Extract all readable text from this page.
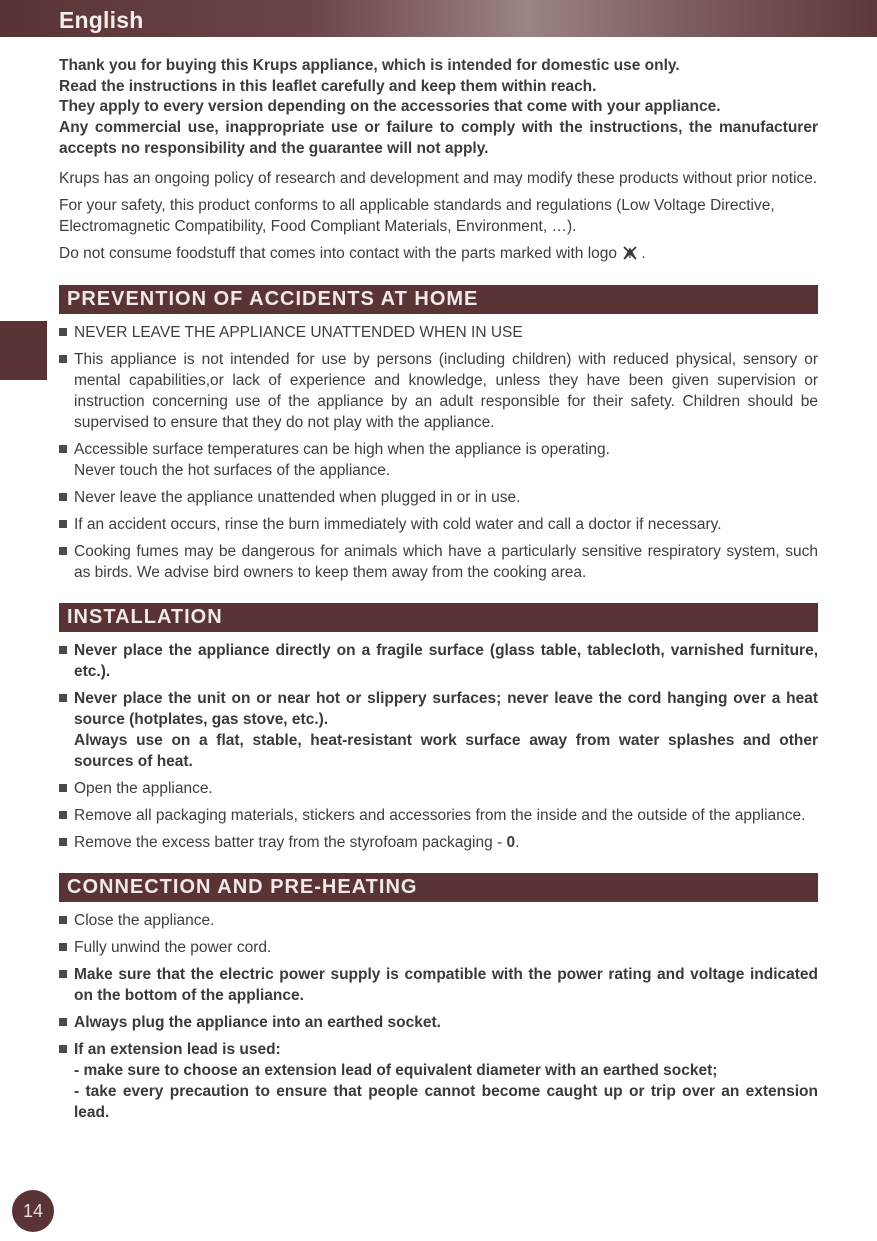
English

Thank you for buying this Krups appliance, which is intended for domestic use only.

Read the instructions in this leaflet carefully and keep them within reach.

They apply to every version depending on the accessories that come with your appliance.

Any commercial use, inappropriate use or failure to comply with the instructions, the manufacturer accepts no responsibility and the guarantee will not apply.

Krups has an ongoing policy of research and development and may modify these products without prior notice.

For your safety, this product conforms to all applicable standards and regulations (Low Voltage Directive, Electromagnetic Compatibility, Food Compliant Materials, Environment, …).

Do not consume foodstuff that comes into contact with the parts marked with logo .

PREVENTION OF ACCIDENTS AT HOME
NEVER LEAVE THE APPLIANCE UNATTENDED WHEN IN USE
This appliance is not intended for use by persons (including children) with reduced physical, sensory or mental capabilities,or lack of experience and knowledge, unless they have been given supervision or instruction concerning use of the appliance by an adult responsible for their safety. Children should be supervised to ensure that they do not play with the appliance.
Accessible surface temperatures can be high when the appliance is operating.
Never touch the hot surfaces of the appliance.
Never leave the appliance unattended when plugged in or in use.
If an accident occurs, rinse the burn immediately with cold water and call a doctor if necessary.
Cooking fumes may be dangerous for animals which have a particularly sensitive respiratory system, such as birds. We advise bird owners to keep them away from the cooking area.
INSTALLATION
Never place the appliance directly on a fragile surface (glass table, tablecloth, varnished furniture, etc.).
Never place the unit on or near hot or slippery surfaces; never leave the cord hanging over a heat source (hotplates, gas stove, etc.).
Always use on a flat, stable, heat-resistant work surface away from water splashes and other sources of heat.
Open the appliance.
Remove all packaging materials, stickers and accessories from the inside and the outside of the appliance.
Remove the excess batter tray from the styrofoam packaging - 0.
CONNECTION AND PRE-HEATING
Close the appliance.
Fully unwind the power cord.
Make sure that the electric power supply is compatible with the power rating and voltage indicated on the bottom of the appliance.
Always plug the appliance into an earthed socket.
If an extension lead is used:
- make sure to choose an extension lead of equivalent diameter with an earthed socket;
- take every precaution to ensure that people cannot become caught up or trip over an extension lead.
14
